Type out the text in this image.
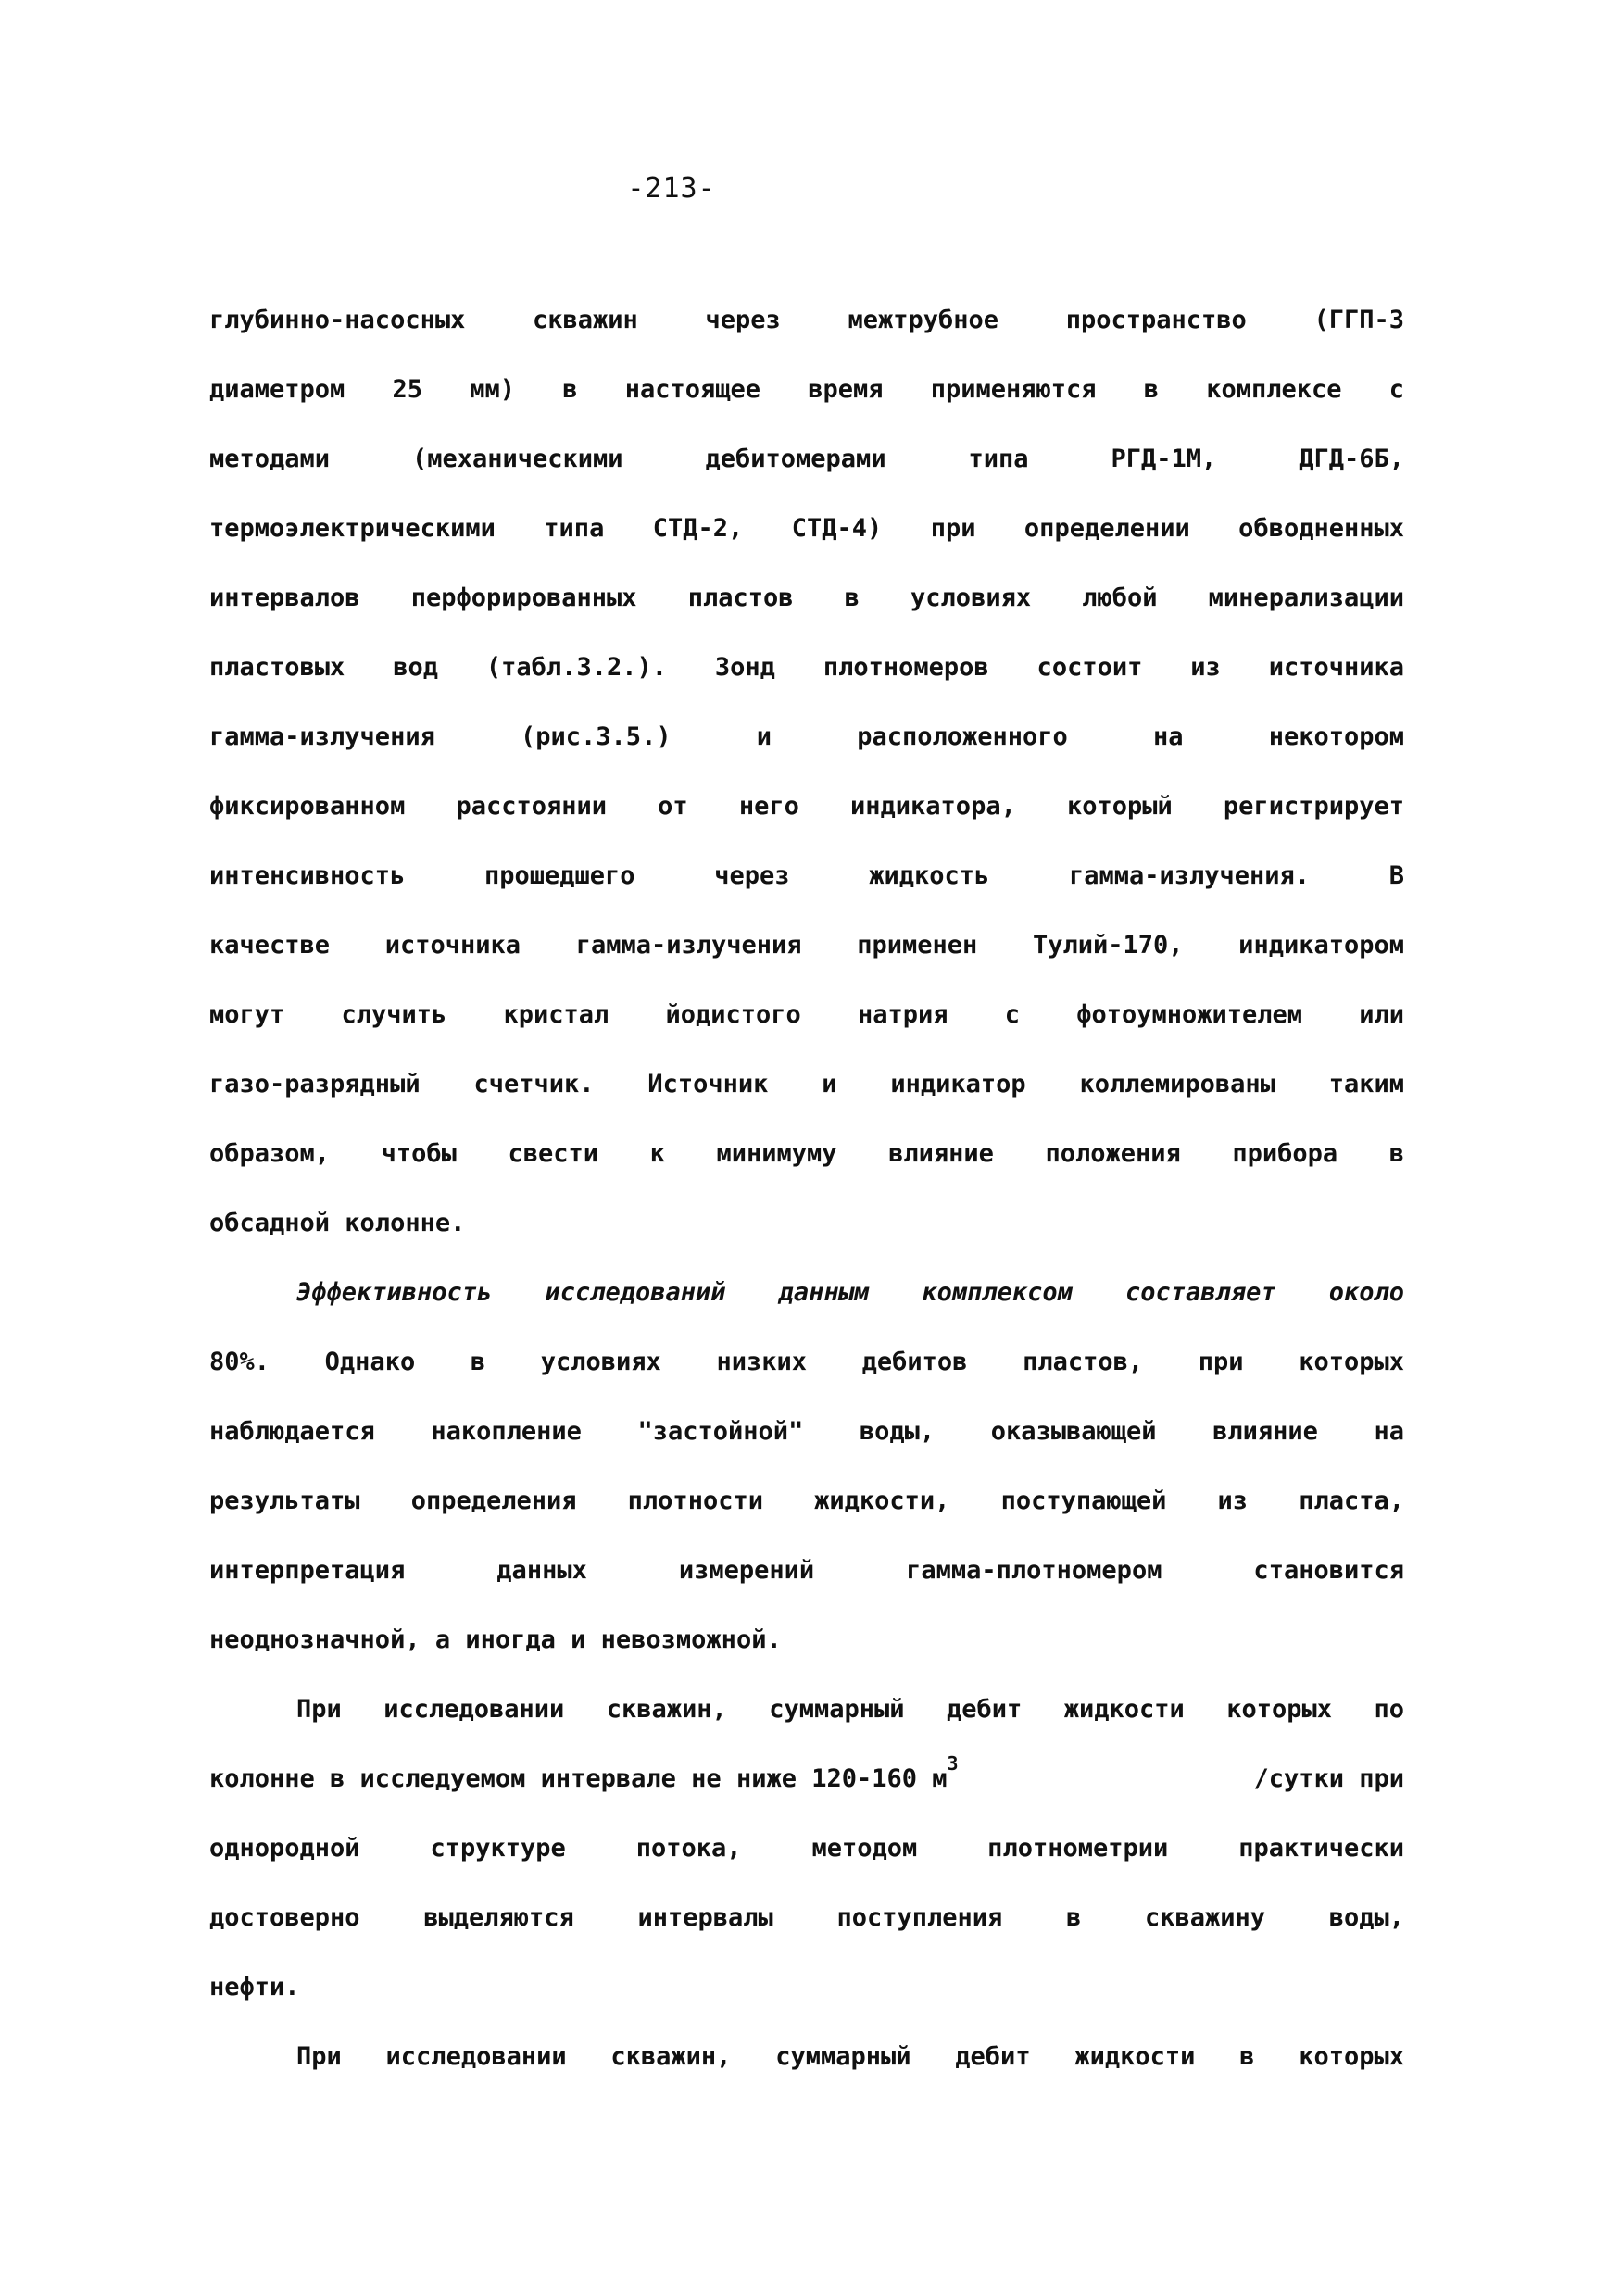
-213-
глубинно-насосных скважин через межтрубное пространство (ГГП-3
диаметром 25 мм) в настоящее время применяются в комплексе с
методами (механическими дебитомерами типа РГД-1М, ДГД-6Б,
термоэлектрическими типа СТД-2, СТД-4) при определении обводненных
интервалов перфорированных пластов в условиях любой минерализации
пластовых вод (табл.3.2.). Зонд плотномеров состоит из источника
гамма-излучения (рис.3.5.) и расположенного на некотором
фиксированном расстоянии от него индикатора, который регистрирует
интенсивность прошедшего через жидкость гамма-излучения. В
качестве источника гамма-излучения применен Тулий-170, индикатором
могут случить кристал йодистого натрия с фотоумножителем или
газо-разрядный счетчик. Источник и индикатор коллемированы таким
образом, чтобы свести к минимуму влияние положения прибора в
обсадной колонне.
Эффективность исследований данным комплексом составляет около
80%. Однако в условиях низких дебитов пластов, при которых
наблюдается накопление "застойной" воды, оказывающей влияние на
результаты определения плотности жидкости, поступающей из пласта,
интерпретация данных измерений гамма-плотномером становится
неоднозначной, а иногда и невозможной.
При исследовании скважин, суммарный дебит жидкости которых по
колонне в исследуемом интервале не ниже 120-160 $м^3$
/сутки при
однородной структуре потока, методом плотнометрии практически
достоверно выделяются интервалы поступления в скважину воды,
нефти.
При исследовании скважин, суммарный дебит жидкости в которых
